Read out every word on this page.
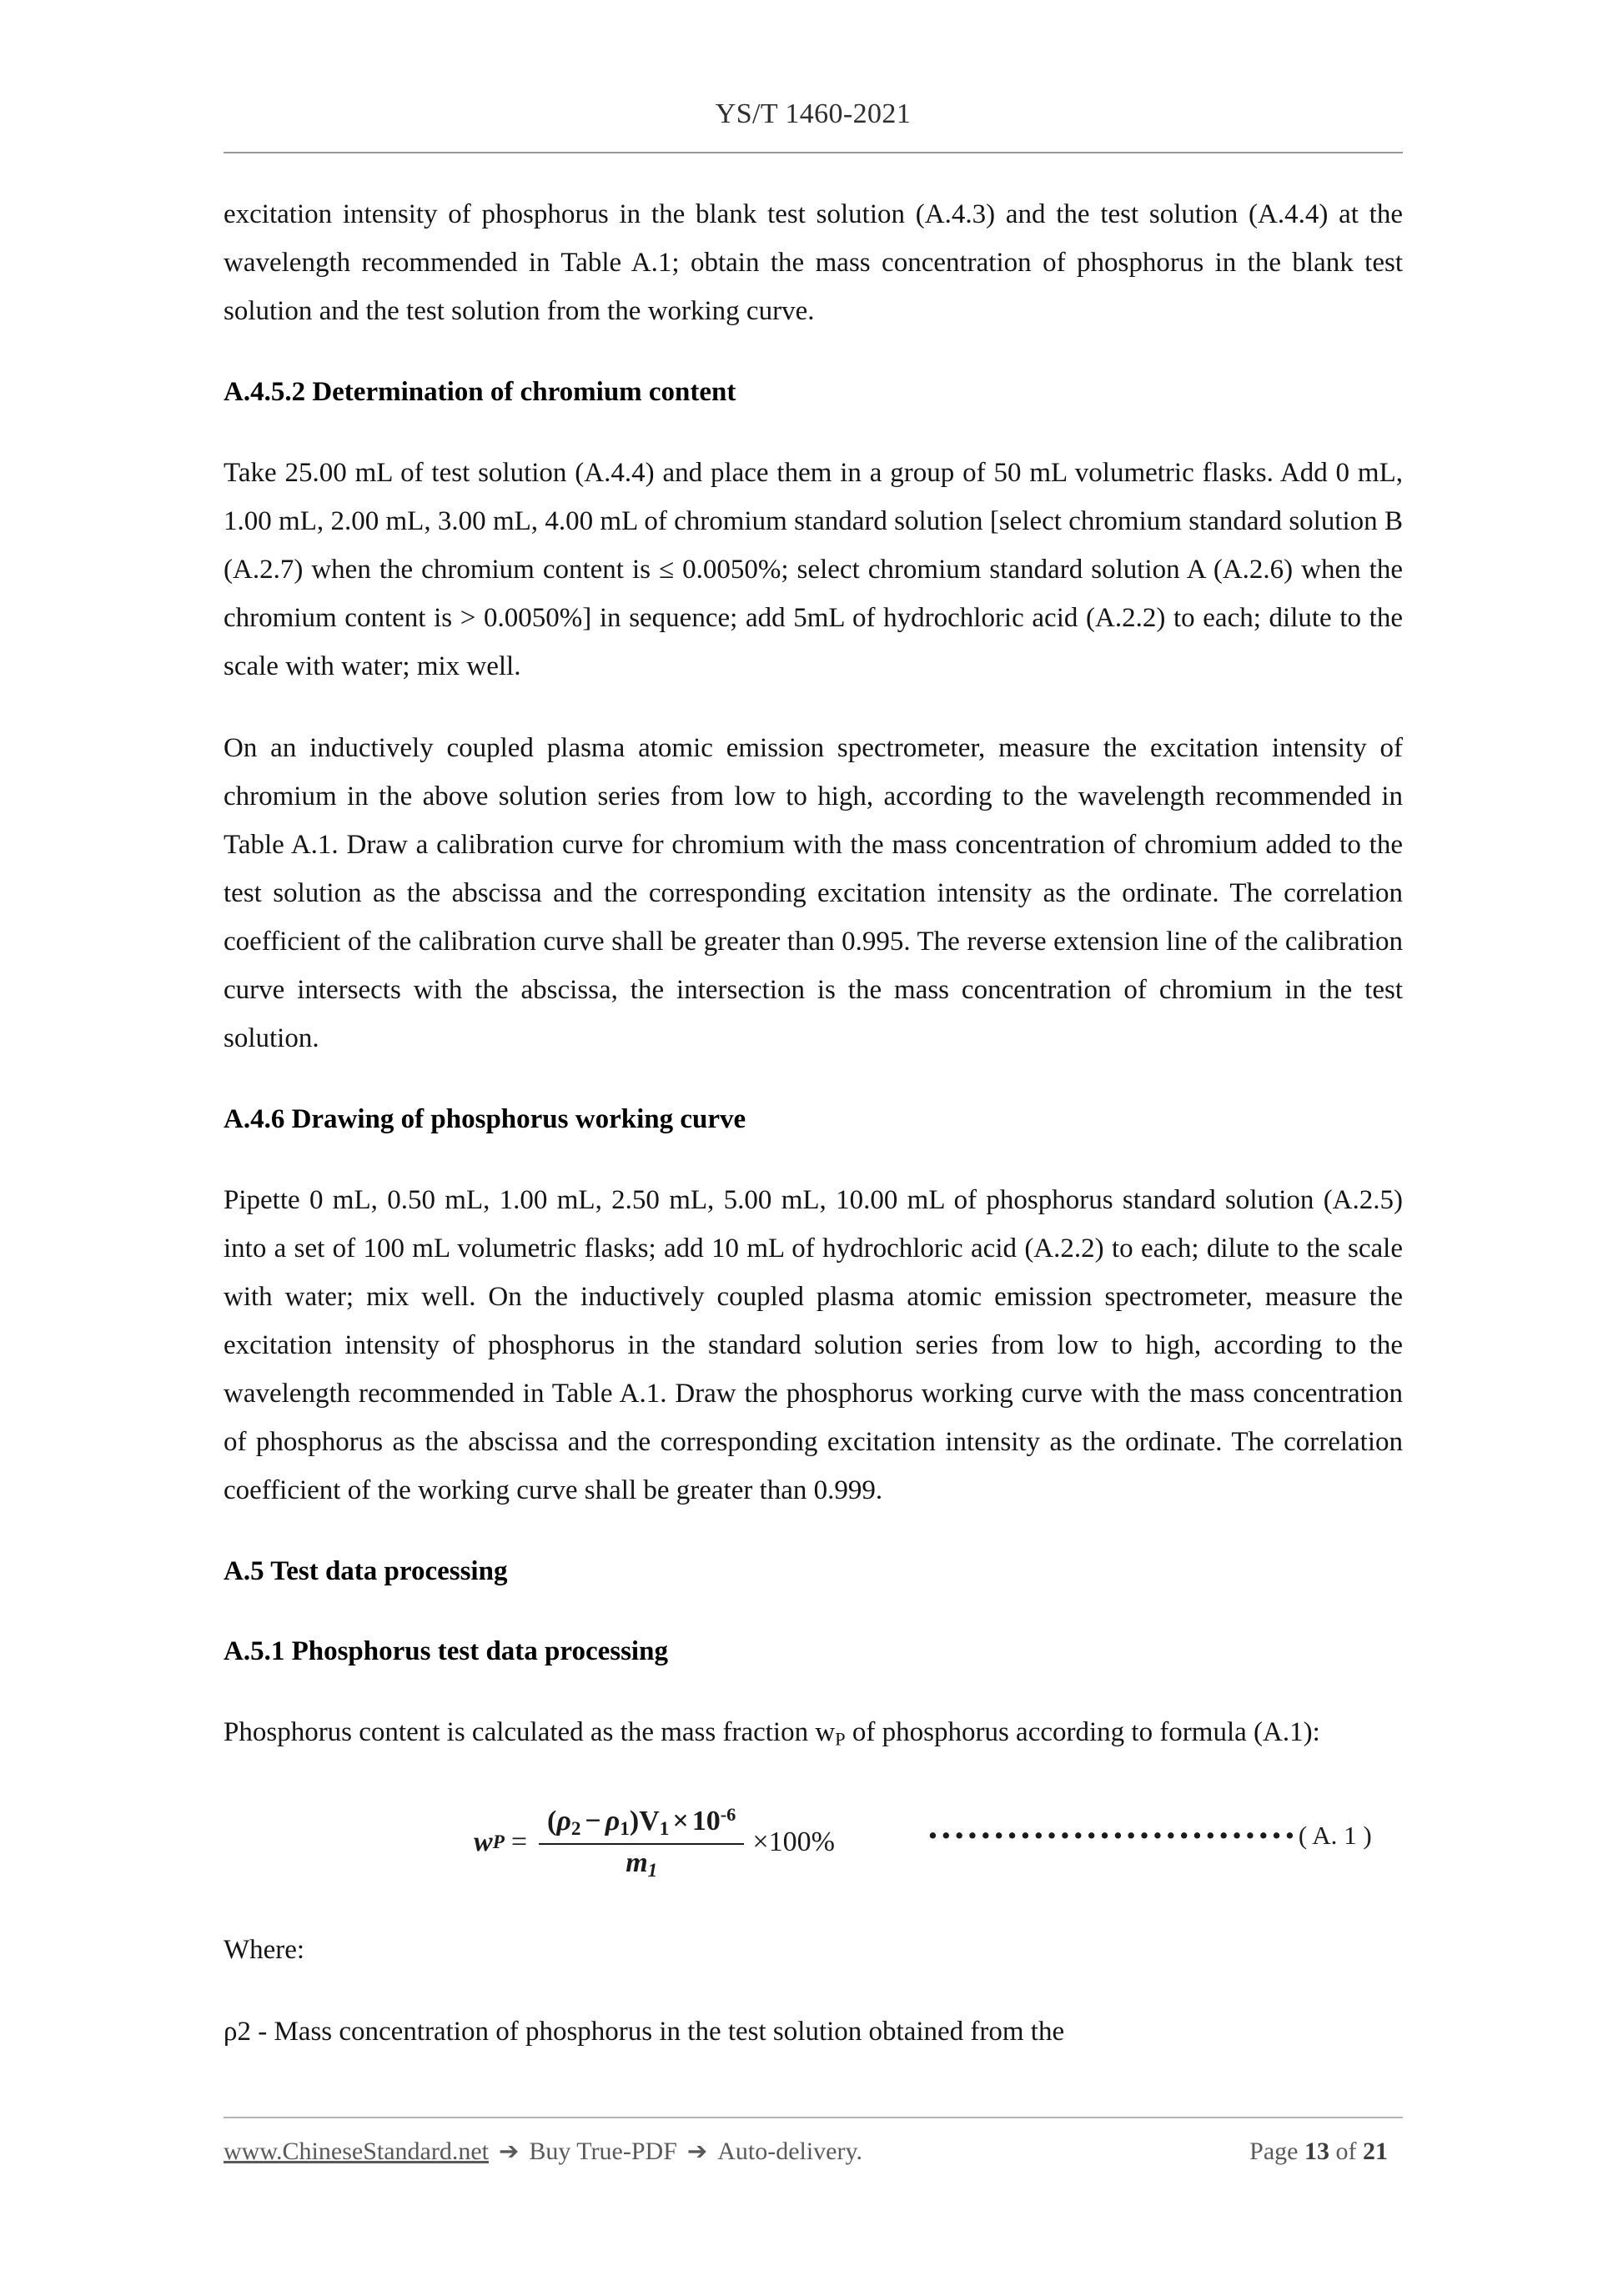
YS/T 1460-2021

excitation intensity of phosphorus in the blank test solution (A.4.3) and the test solution (A.4.4) at the wavelength recommended in Table A.1; obtain the mass concentration of phosphorus in the blank test solution and the test solution from the working curve.

A.4.5.2 Determination of chromium content

Take 25.00 mL of test solution (A.4.4) and place them in a group of 50 mL volumetric flasks. Add 0 mL, 1.00 mL, 2.00 mL, 3.00 mL, 4.00 mL of chromium standard solution [select chromium standard solution B (A.2.7) when the chromium content is ≤ 0.0050%; select chromium standard solution A (A.2.6) when the chromium content is > 0.0050%] in sequence; add 5mL of hydrochloric acid (A.2.2) to each; dilute to the scale with water; mix well.

On an inductively coupled plasma atomic emission spectrometer, measure the excitation intensity of chromium in the above solution series from low to high, according to the wavelength recommended in Table A.1. Draw a calibration curve for chromium with the mass concentration of chromium added to the test solution as the abscissa and the corresponding excitation intensity as the ordinate. The correlation coefficient of the calibration curve shall be greater than 0.995. The reverse extension line of the calibration curve intersects with the abscissa, the intersection is the mass concentration of chromium in the test solution.

A.4.6 Drawing of phosphorus working curve

Pipette 0 mL, 0.50 mL, 1.00 mL, 2.50 mL, 5.00 mL, 10.00 mL of phosphorus standard solution (A.2.5) into a set of 100 mL volumetric flasks; add 10 mL of hydrochloric acid (A.2.2) to each; dilute to the scale with water; mix well. On the inductively coupled plasma atomic emission spectrometer, measure the excitation intensity of phosphorus in the standard solution series from low to high, according to the wavelength recommended in Table A.1. Draw the phosphorus working curve with the mass concentration of phosphorus as the abscissa and the corresponding excitation intensity as the ordinate. The correlation coefficient of the working curve shall be greater than 0.999.

A.5 Test data processing
A.5.1 Phosphorus test data processing

Phosphorus content is calculated as the mass fraction $w_P$ of phosphorus according to formula (A.1):

w $P = \frac{(\rho_2 - \rho_1)V_1 \times 10^{-6}}{m_1} \times 100$ %	••••••••••••••••••••••••••••( A. 1 )

Where:

ρ2 - Mass concentration of phosphorus in the test solution obtained from the

www.ChineseStandard.net ➔ Buy True-PDF ➔ Auto-delivery.	Page 13 of 21
